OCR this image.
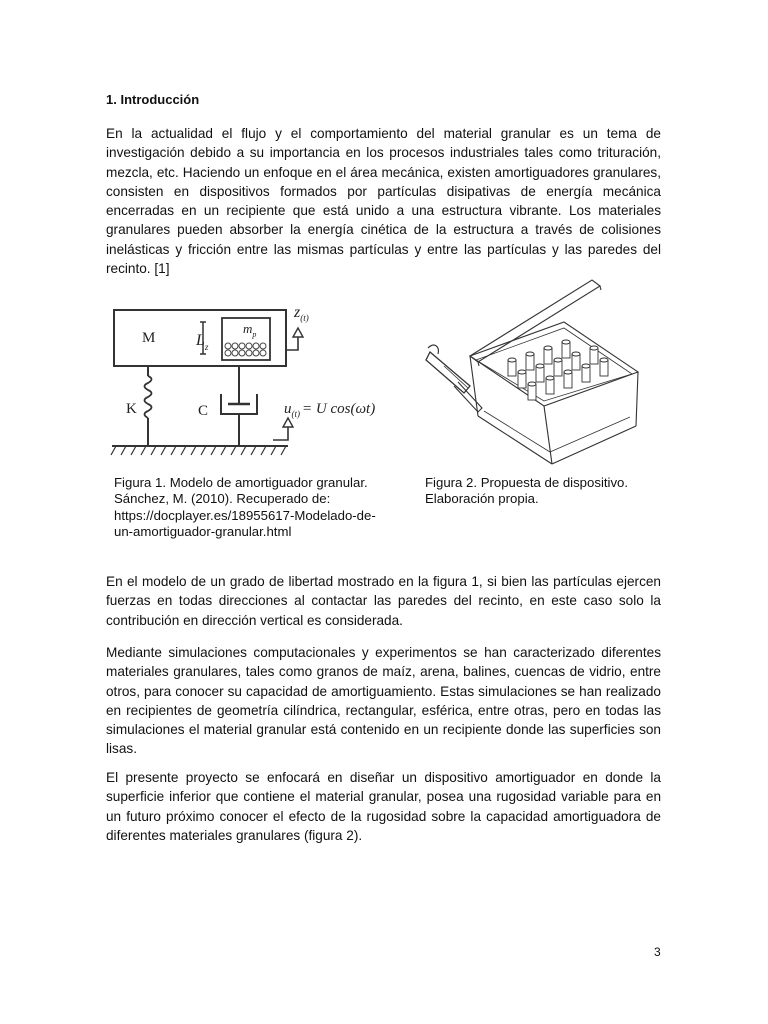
1. Introducción

En la actualidad el flujo y el comportamiento del material granular es un tema de investigación debido a su importancia en los procesos industriales tales como trituración, mezcla, etc. Haciendo un enfoque en el área mecánica, existen amortiguadores granulares, consisten en dispositivos formados por partículas disipativas de energía mecánica encerradas en un recipiente que está unido a una estructura vibrante. Los materiales granulares pueden absorber la energía cinética de la estructura a través de colisiones inelásticas y fricción entre las mismas partículas y entre las partículas y las paredes del recinto. [1]

M	$L_z$
$m_p$
$z_{(t)}$
K	C	$u_{(t)} = U$ cos(ωt)
Figura 1. Modelo de amortiguador granular.
Sánchez, M. (2010). Recuperado de:
https://docplayer.es/18955617-Modelado-de-
un-amortiguador-granular.html
Figura 2. Propuesta de dispositivo.
Elaboración propia.

En el modelo de un grado de libertad mostrado en la figura 1, si bien las partículas ejercen fuerzas en todas direcciones al contactar las paredes del recinto, en este caso solo la contribución en dirección vertical es considerada.

Mediante simulaciones computacionales y experimentos se han caracterizado diferentes materiales granulares, tales como granos de maíz, arena, balines, cuencas de vidrio, entre otros, para conocer su capacidad de amortiguamiento. Estas simulaciones se han realizado en recipientes de geometría cilíndrica, rectangular, esférica, entre otras, pero en todas las simulaciones el material granular está contenido en un recipiente donde las superficies son lisas.

El presente proyecto se enfocará en diseñar un dispositivo amortiguador en donde la superficie inferior que contiene el material granular, posea una rugosidad variable para en un futuro próximo conocer el efecto de la rugosidad sobre la capacidad amortiguadora de diferentes materiales granulares (figura 2).

3
